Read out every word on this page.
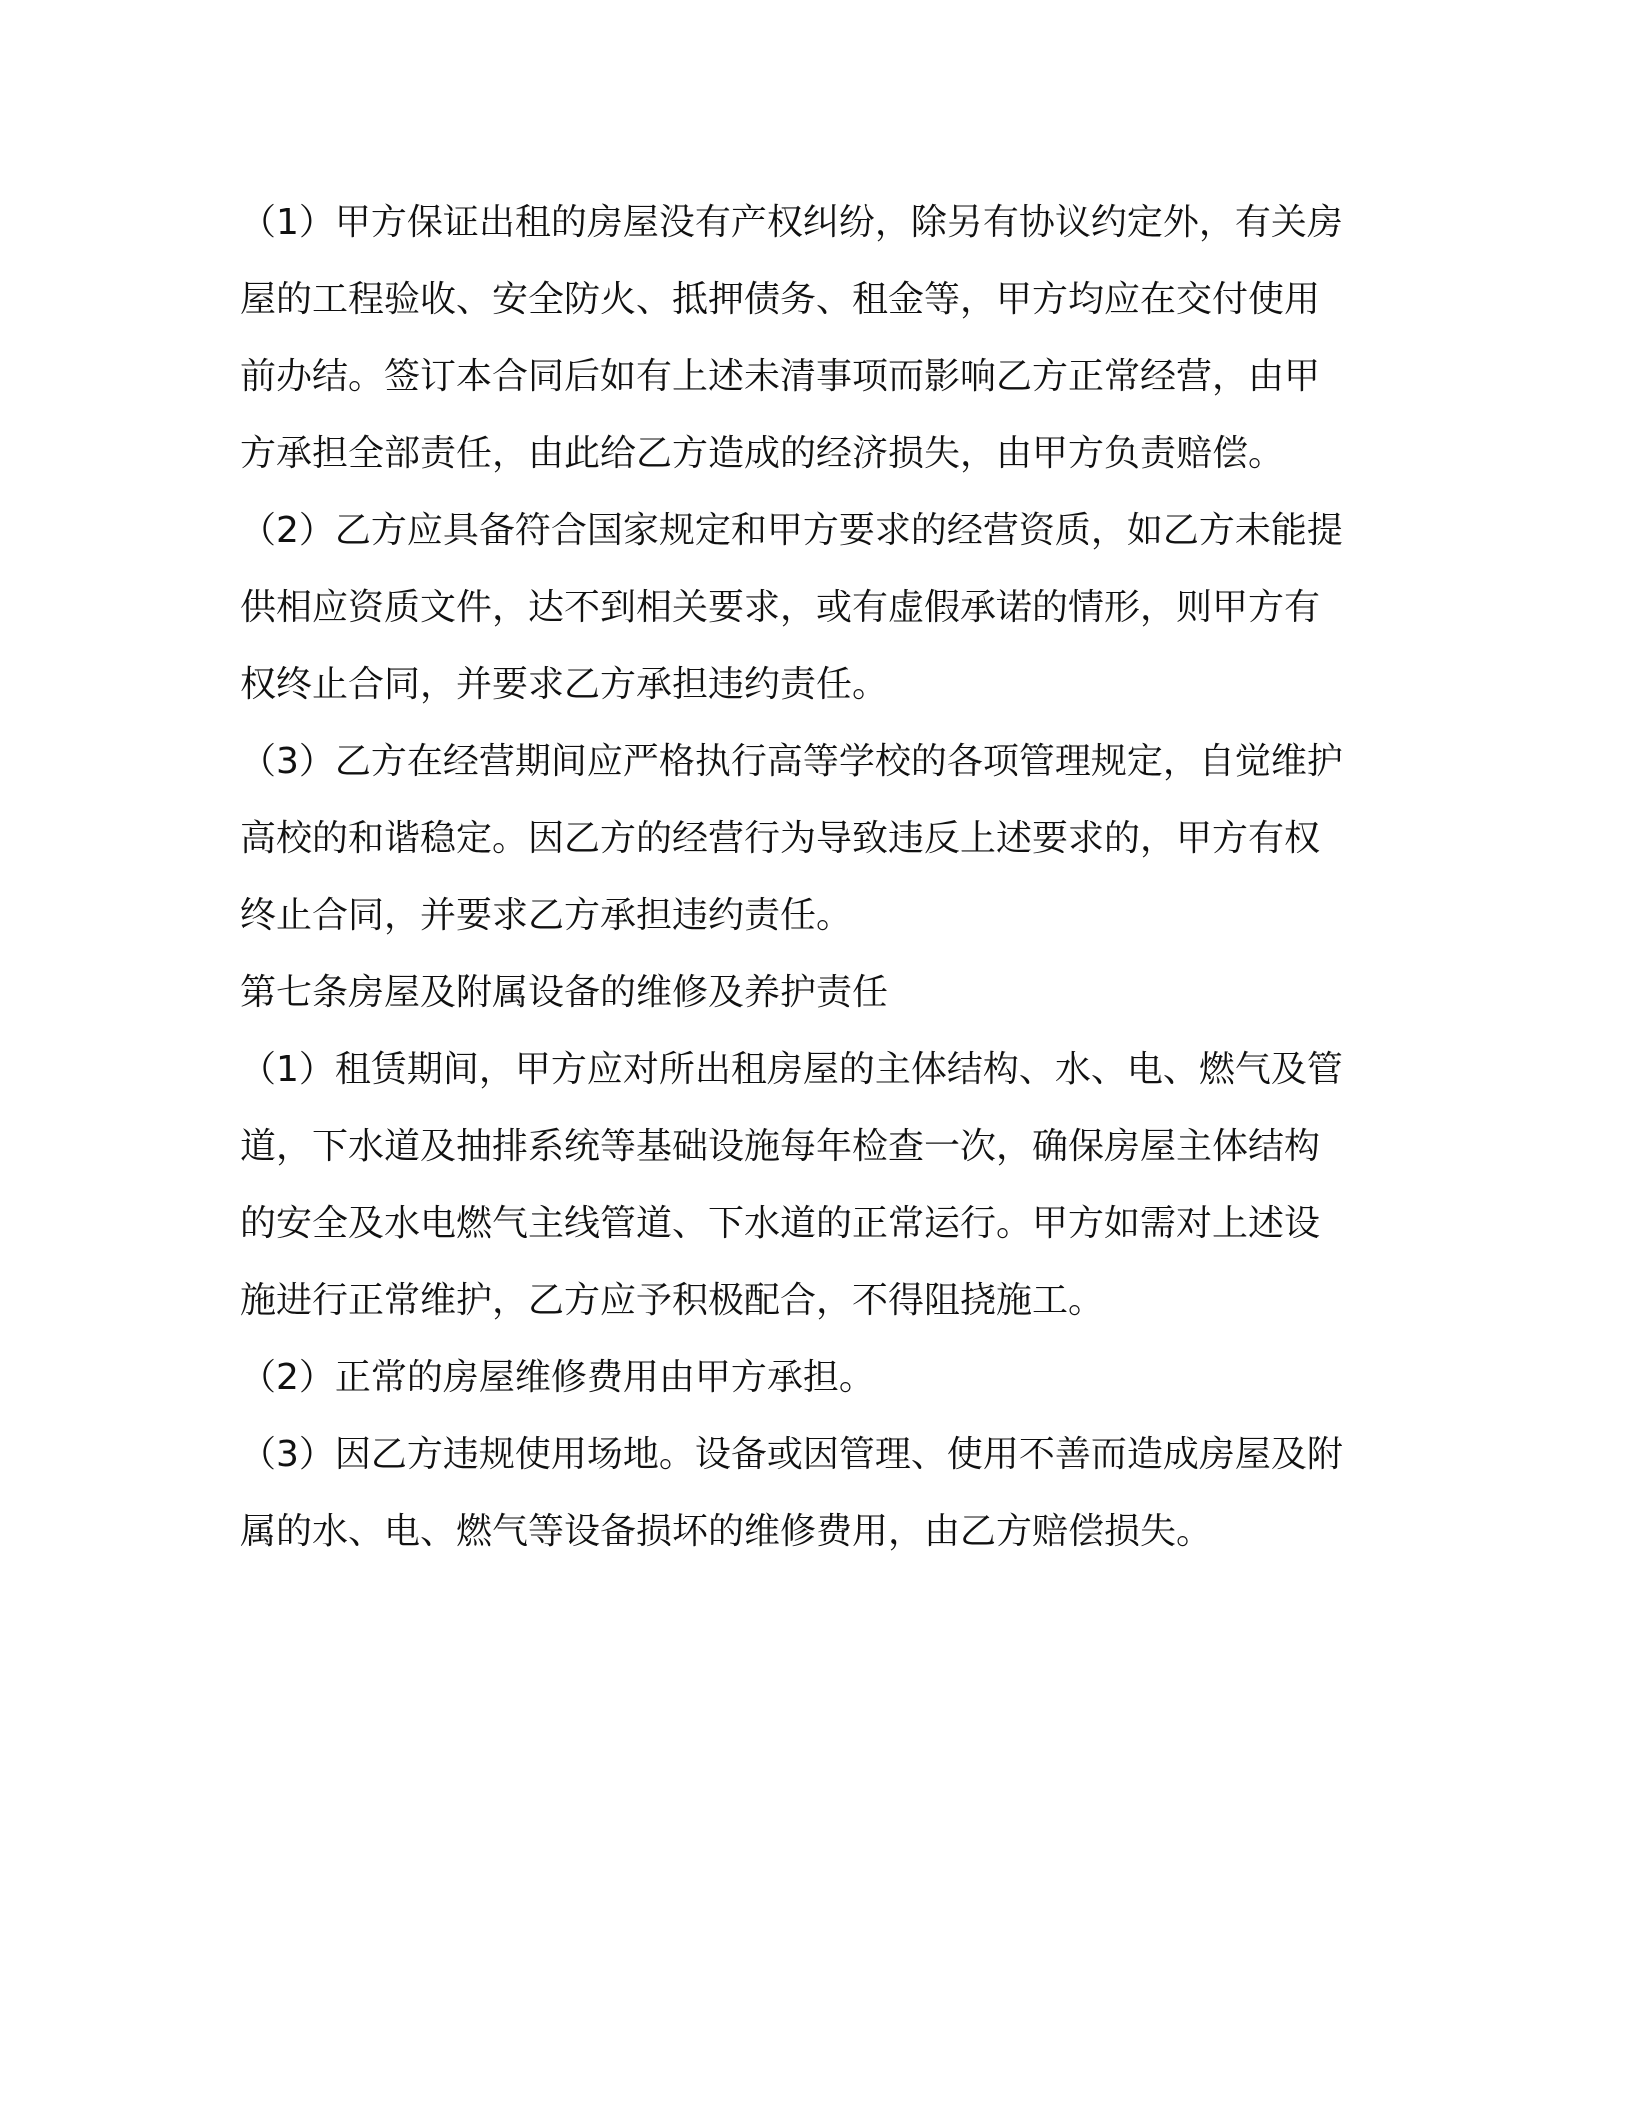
（1）甲方保证出租的房屋没有产权纠纷，除另有协议约定外，有关房
屋的工程验收、安全防火、抵押债务、租金等，甲方均应在交付使用
前办结。签订本合同后如有上述未清事项而影响乙方正常经营，由甲
方承担全部责任，由此给乙方造成的经济损失，由甲方负责赔偿。

（2）乙方应具备符合国家规定和甲方要求的经营资质，如乙方未能提
供相应资质文件，达不到相关要求，或有虚假承诺的情形，则甲方有
权终止合同，并要求乙方承担违约责任。

（3）乙方在经营期间应严格执行高等学校的各项管理规定，自觉维护
高校的和谐稳定。因乙方的经营行为导致违反上述要求的，甲方有权
终止合同，并要求乙方承担违约责任。

第七条房屋及附属设备的维修及养护责任

（1）租赁期间，甲方应对所出租房屋的主体结构、水、电、燃气及管
道，下水道及抽排系统等基础设施每年检查一次，确保房屋主体结构
的安全及水电燃气主线管道、下水道的正常运行。甲方如需对上述设
施进行正常维护，乙方应予积极配合，不得阻挠施工。

（2）正常的房屋维修费用由甲方承担。

（3）因乙方违规使用场地。设备或因管理、使用不善而造成房屋及附
属的水、电、燃气等设备损坏的维修费用，由乙方赔偿损失。
